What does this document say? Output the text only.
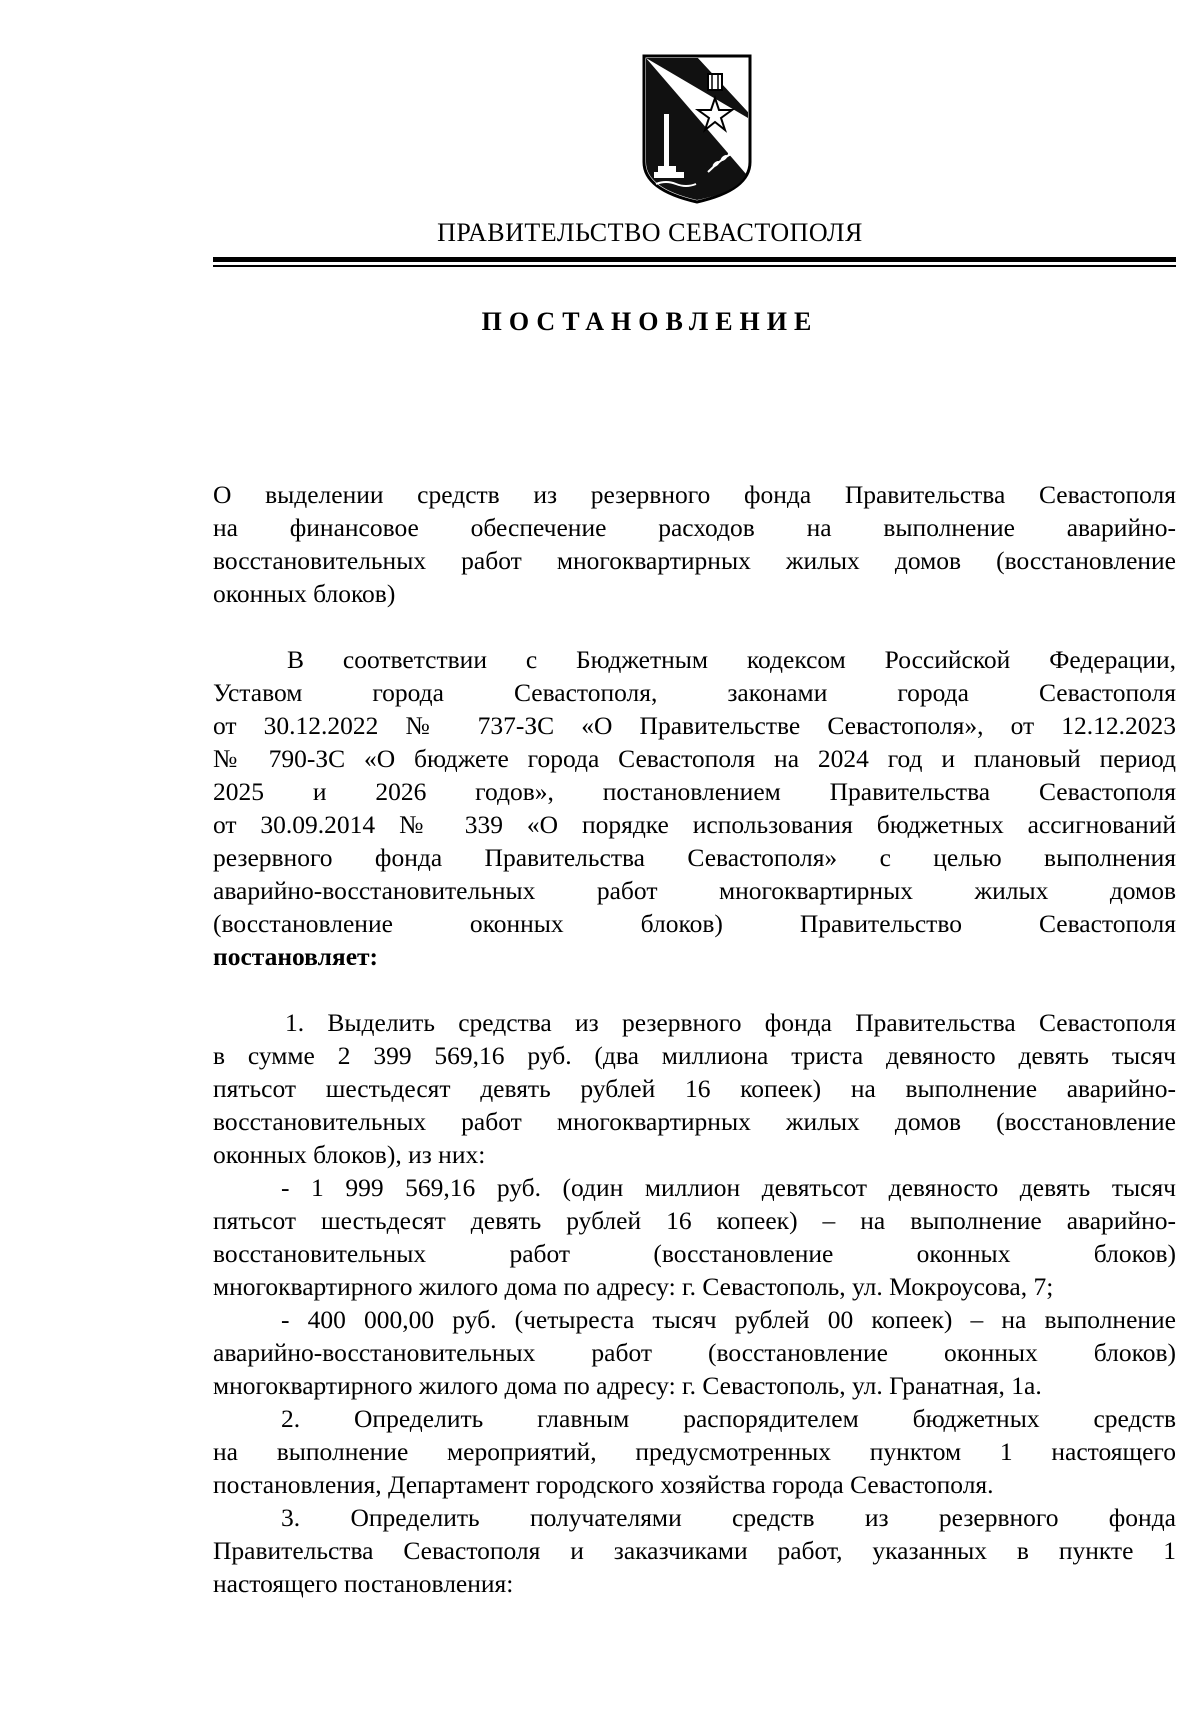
ПРАВИТЕЛЬСТВО СЕВАСТОПОЛЯ
ПОСТАНОВЛЕНИЕ
О выделении средств из резервного фонда Правительства Севастополя
на финансовое обеспечение расходов на выполнение аварийно-
восстановительных работ многоквартирных жилых домов (восстановление
оконных блоков)
В соответствии с Бюджетным кодексом Российской Федерации,
Уставом города Севастополя, законами города Севастополя
от 30.12.2022 № 737-ЗС «О Правительстве Севастополя», от 12.12.2023
№ 790-ЗС «О бюджете города Севастополя на 2024 год и плановый период
2025 и 2026 годов», постановлением Правительства Севастополя
от 30.09.2014 № 339 «О порядке использования бюджетных ассигнований
резервного фонда Правительства Севастополя» с целью выполнения
аварийно-восстановительных работ многоквартирных жилых домов
(восстановление оконных блоков) Правительство Севастополя
постановляет:
1. Выделить средства из резервного фонда Правительства Севастополя
в сумме 2 399 569,16 руб. (два миллиона триста девяносто девять тысяч
пятьсот шестьдесят девять рублей 16 копеек) на выполнение аварийно-
восстановительных работ многоквартирных жилых домов (восстановление
оконных блоков), из них:
- 1 999 569,16 руб. (один миллион девятьсот девяносто девять тысяч
пятьсот шестьдесят девять рублей 16 копеек) – на выполнение аварийно-
восстановительных работ (восстановление оконных блоков)
многоквартирного жилого дома по адресу: г. Севастополь, ул. Мокроусова, 7;
- 400 000,00 руб. (четыреста тысяч рублей 00 копеек) – на выполнение
аварийно-восстановительных работ (восстановление оконных блоков)
многоквартирного жилого дома по адресу: г. Севастополь, ул. Гранатная, 1а.
2. Определить главным распорядителем бюджетных средств
на выполнение мероприятий, предусмотренных пунктом 1 настоящего
постановления, Департамент городского хозяйства города Севастополя.
3. Определить получателями средств из резервного фонда
Правительства Севастополя и заказчиками работ, указанных в пункте 1
настоящего постановления:
